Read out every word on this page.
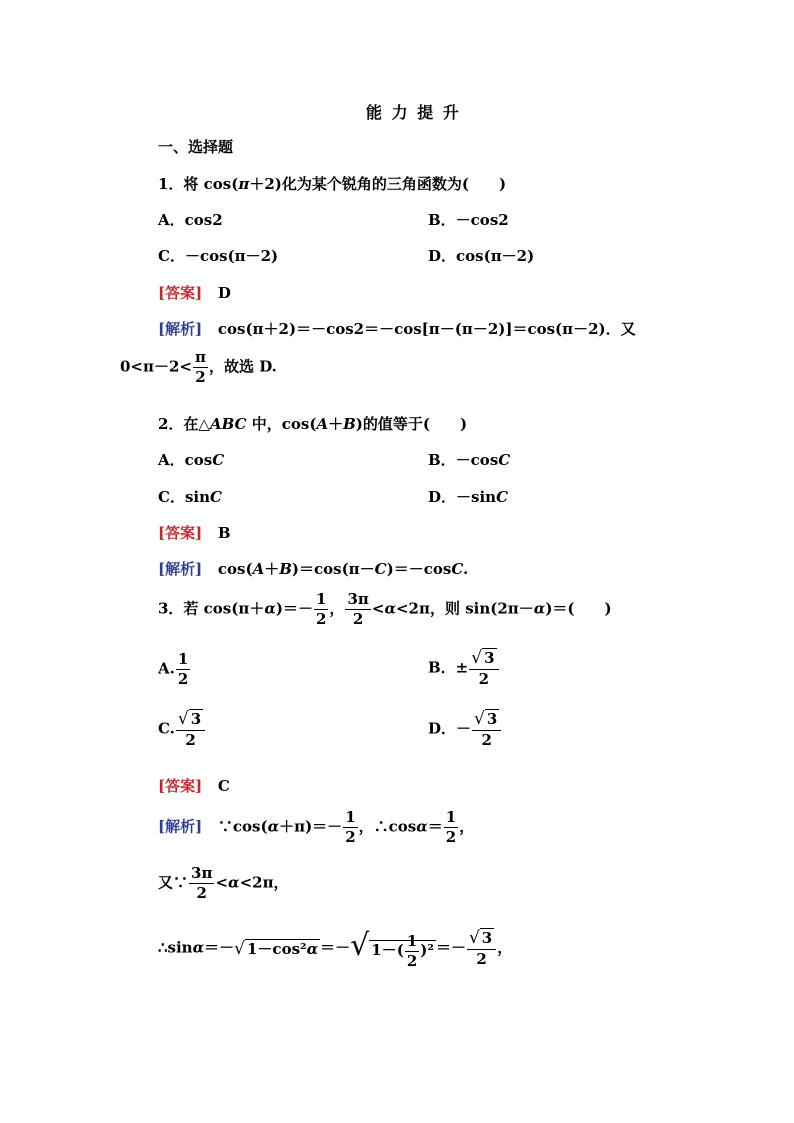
能 力 提 升
一、选择题
1．将 cos(π＋2)化为某个锐角的三角函数为( )
A．cos2	B．－cos2
C．－cos(π－2)	D．cos(π－2)
[答案] D
[解析] cos(π＋2)＝－cos2＝－cos[π－(π－2)]＝cos(π－2)．又
$0<\pi-2< \frac{\pi}{2}$ ，故选 D.
2．在△ABC 中，cos(A＋B)的值等于( )
A．cosC	B．－cosC
C．sinC	D．－sinC
[答案] B
[解析] cos(A＋B)＝cos(π－C)＝－cosC.
3．若 $\cos(\pi+\alpha)=- \frac{1}{2}$ ， $\frac{3\pi}{2} <\alpha<2\pi$，则 sin(2π－α)＝( )
A. $\frac{1}{2}$	B．± $\frac{√ 3}{2}$
C. $\frac{√ 3}{2}$	D．－ $\frac{√ 3}{2}$
[答案] C
[解析] ∵cos(α＋π)＝－ $\frac{1}{2}$ ，∴cosα＝ $\frac{1}{2}$ ，
又∵ $\frac{3\pi}{2} <\alpha<2\pi$，
∴sinα＝－√ 1－cos²α ＝－√ $1-( \frac{1}{2} )^2 =- \frac{√ 3}{2}$ ，
